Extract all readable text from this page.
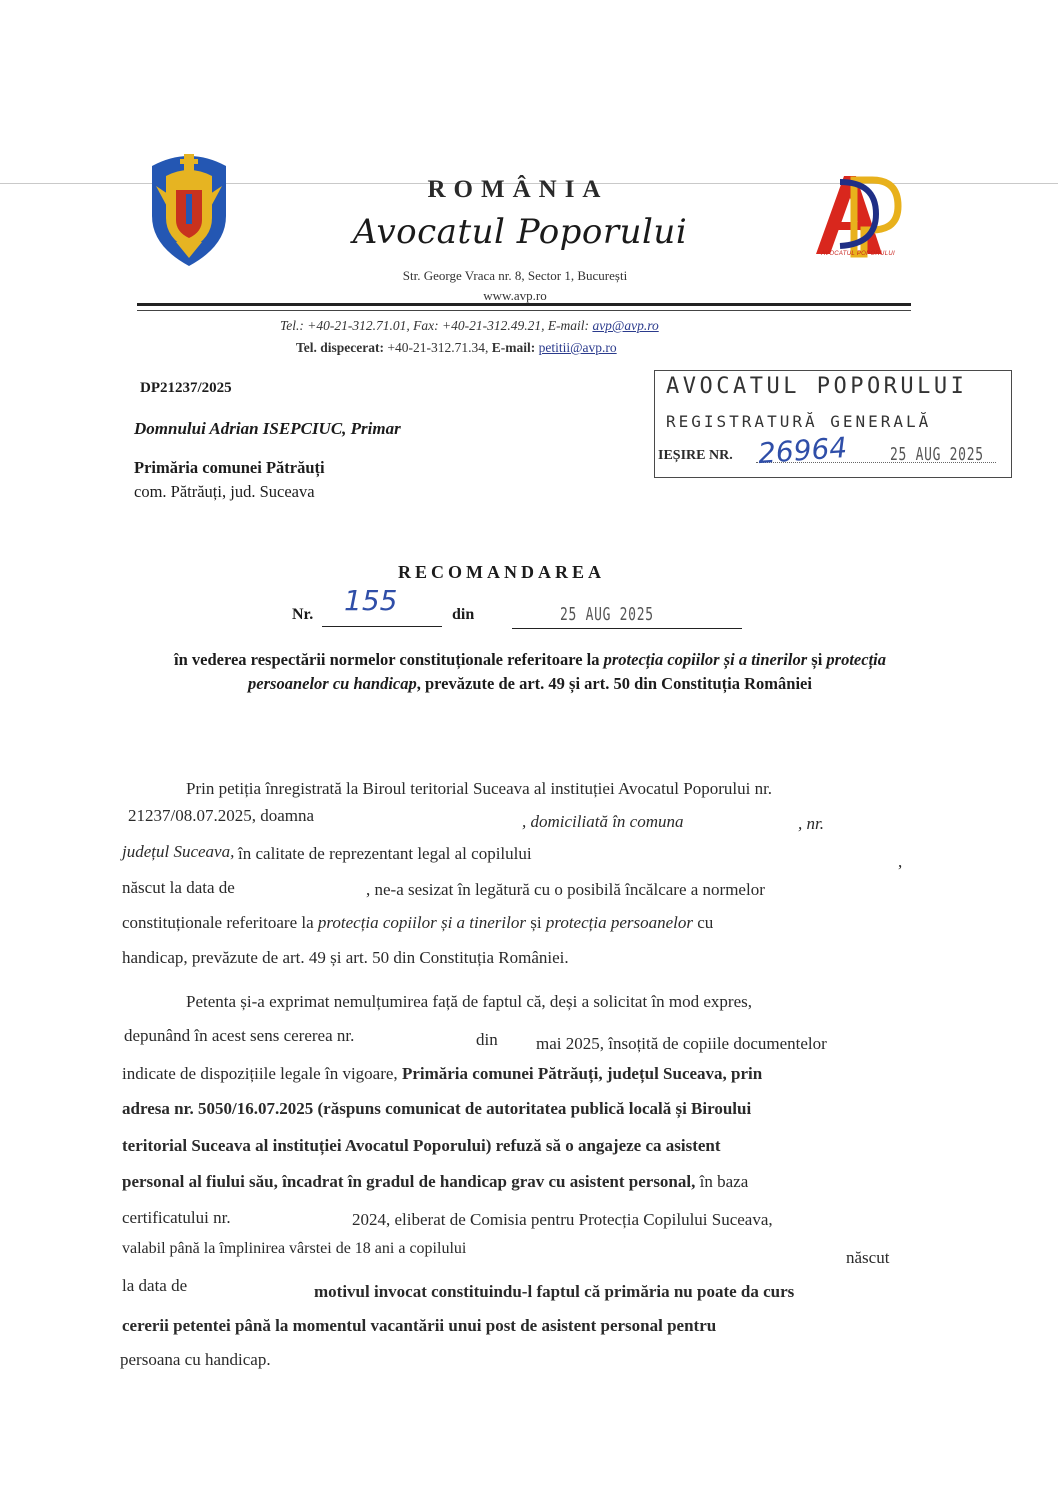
ROMÂNIA
Avocatul Poporului
Str. George Vraca nr. 8, Sector 1, București
www.avp.ro
AVOCATUL POPORULUI
Tel.: +40-21-312.71.01, Fax: +40-21-312.49.21, E-mail: avp@avp.ro
Tel. dispecerat: +40-21-312.71.34, E-mail: petitii@avp.ro
DP21237/2025
Domnului Adrian ISEPCIUC, Primar
Primăria comunei Pătrăuți
com. Pătrăuți, jud. Suceava
AVOCATUL POPORULUI
REGISTRATURĂ GENERALĂ
IEȘIRE NR. 26964 25 AUG 2025
RECOMANDAREA
Nr. 155	din	25 AUG 2025
în vederea respectării normelor constituționale referitoare la protecția copiilor și a tinerilor și protecția persoanelor cu handicap, prevăzute de art. 49 și art. 50 din Constituția României
Prin petiția înregistrată la Biroul teritorial Suceava al instituției Avocatul Poporului nr.
21237/08.07.2025, doamna	, domiciliată în comuna	, nr.
județul Suceava, în calitate de reprezentant legal al copilului	,
născut la data de	, ne-a sesizat în legătură cu o posibilă încălcare a normelor
constituționale referitoare la protecția copiilor și a tinerilor și protecția persoanelor cu
handicap, prevăzute de art. 49 și art. 50 din Constituția României.
Petenta și-a exprimat nemulțumirea față de faptul că, deși a solicitat în mod expres,
depunând în acest sens cererea nr.	din mai 2025, însoțită de copiile documentelor
indicate de dispozițiile legale în vigoare, Primăria comunei Pătrăuți, județul Suceava, prin
adresa nr. 5050/16.07.2025 (răspuns comunicat de autoritatea publică locală și Biroului
teritorial Suceava al instituției Avocatul Poporului) refuză să o angajeze ca asistent
personal al fiului său, încadrat în gradul de handicap grav cu asistent personal, în baza
certificatului nr.	2024, eliberat de Comisia pentru Protecția Copilului Suceava,
valabil până la împlinirea vârstei de 18 ani a copilului	născut
la data de	motivul invocat constituindu-l faptul că primăria nu poate da curs
cererii petentei până la momentul vacantării unui post de asistent personal pentru
persoana cu handicap.
